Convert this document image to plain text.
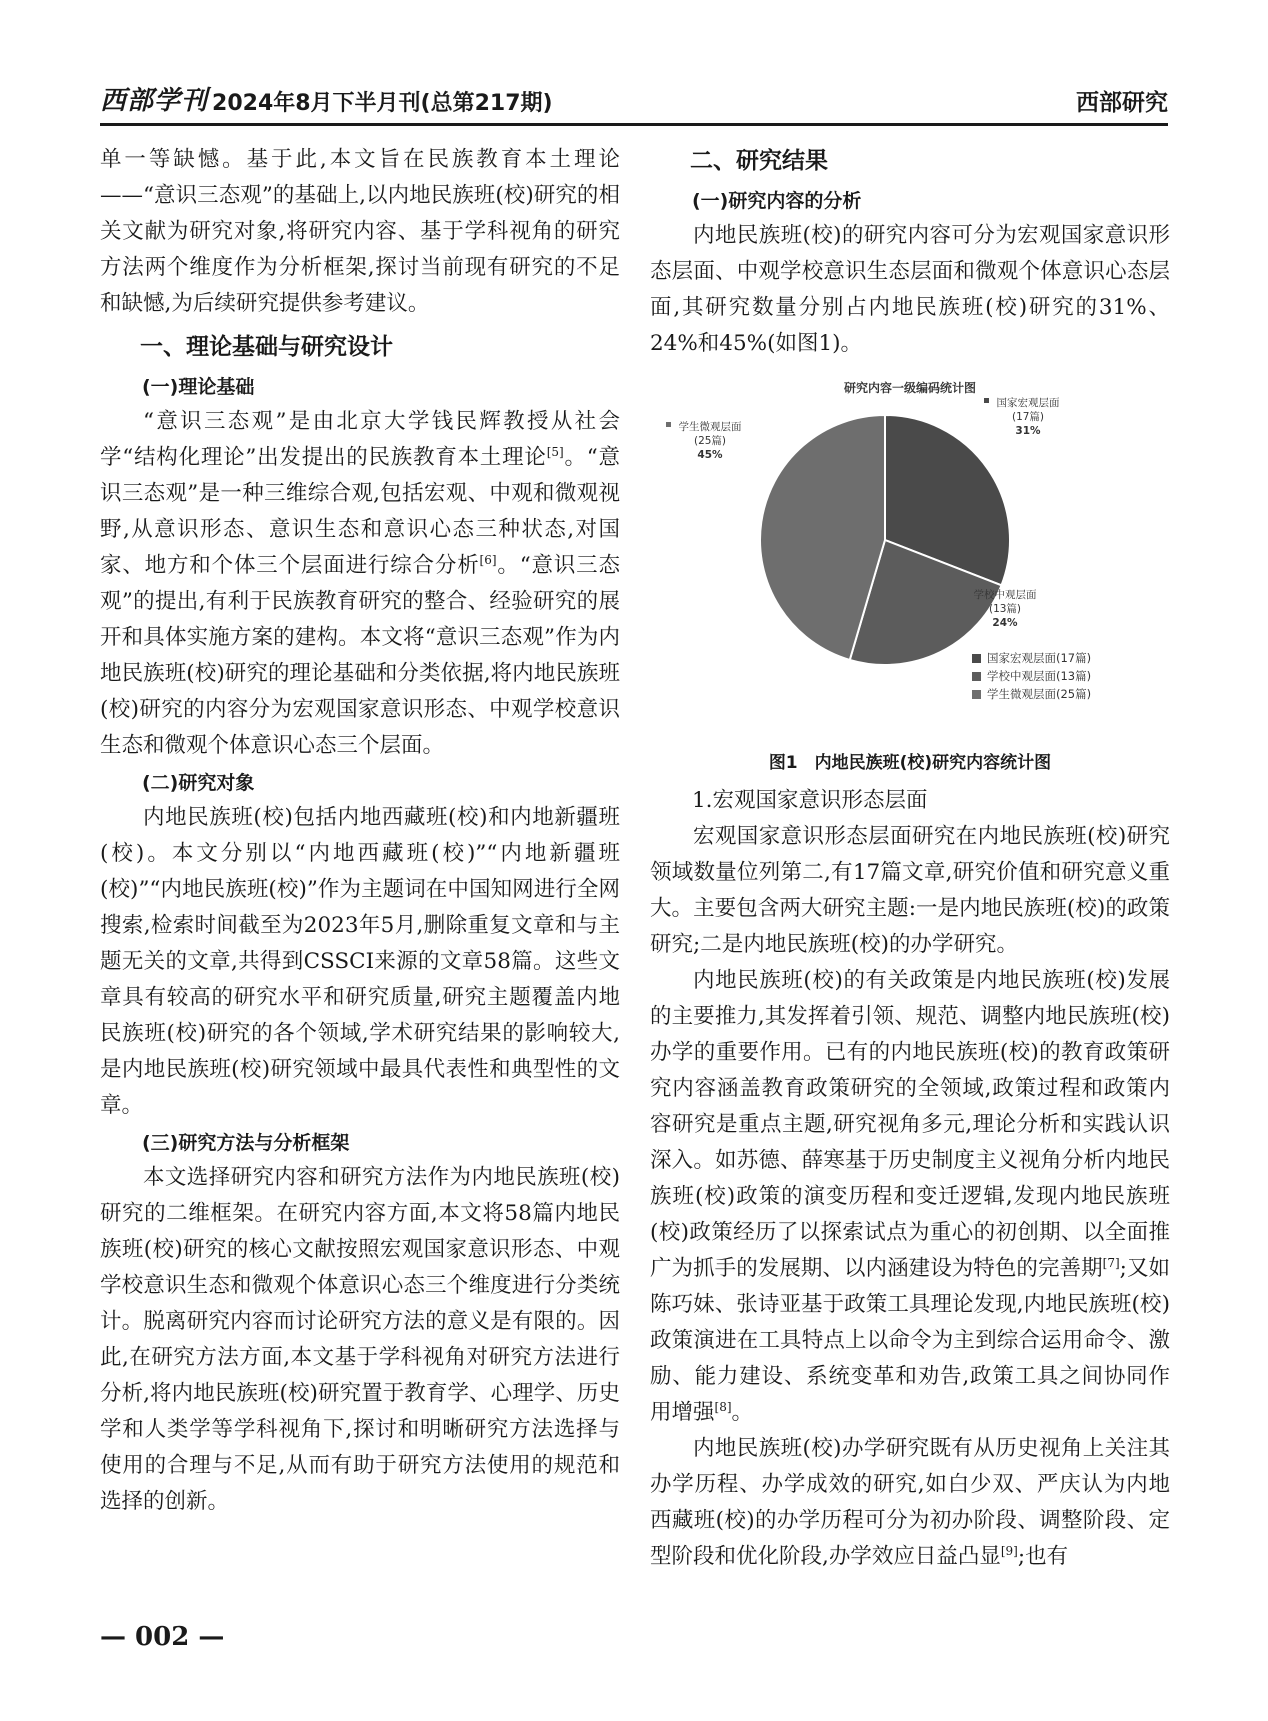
西部学刊 2024年8月下半月刊(总第217期)	西部研究

单一等缺憾。基于此,本文旨在民族教育本土理论——“意识三态观”的基础上,以内地民族班(校)研究的相关文献为研究对象,将研究内容、基于学科视角的研究方法两个维度作为分析框架,探讨当前现有研究的不足和缺憾,为后续研究提供参考建议。

一、理论基础与研究设计
(一)理论基础

“意识三态观”是由北京大学钱民辉教授从社会学“结构化理论”出发提出的民族教育本土理论[5]。“意识三态观”是一种三维综合观,包括宏观、中观和微观视野,从意识形态、意识生态和意识心态三种状态,对国家、地方和个体三个层面进行综合分析[6]。“意识三态观”的提出,有利于民族教育研究的整合、经验研究的展开和具体实施方案的建构。本文将“意识三态观”作为内地民族班(校)研究的理论基础和分类依据,将内地民族班(校)研究的内容分为宏观国家意识形态、中观学校意识生态和微观个体意识心态三个层面。

(二)研究对象

内地民族班(校)包括内地西藏班(校)和内地新疆班(校)。本文分别以“内地西藏班(校)”“内地新疆班(校)”“内地民族班(校)”作为主题词在中国知网进行全网搜索,检索时间截至为2023年5月,删除重复文章和与主题无关的文章,共得到CSSCI来源的文章58篇。这些文章具有较高的研究水平和研究质量,研究主题覆盖内地民族班(校)研究的各个领域,学术研究结果的影响较大,是内地民族班(校)研究领域中最具代表性和典型性的文章。

(三)研究方法与分析框架

本文选择研究内容和研究方法作为内地民族班(校)研究的二维框架。在研究内容方面,本文将58篇内地民族班(校)研究的核心文献按照宏观国家意识形态、中观学校意识生态和微观个体意识心态三个维度进行分类统计。脱离研究内容而讨论研究方法的意义是有限的。因此,在研究方法方面,本文基于学科视角对研究方法进行分析,将内地民族班(校)研究置于教育学、心理学、历史学和人类学等学科视角下,探讨和明晰研究方法选择与使用的合理与不足,从而有助于研究方法使用的规范和选择的创新。

二、研究结果
(一)研究内容的分析

内地民族班(校)的研究内容可分为宏观国家意识形态层面、中观学校意识生态层面和微观个体意识心态层面,其研究数量分别占内地民族班(校)研究的31%、24%和45%(如图1)。

研究内容一级编码统计图
国家宏观层面
(17篇)
31%
学校中观层面
(13篇)
24%
学生微观层面
(25篇)
45%
国家宏观层面(17篇)
学校中观层面(13篇)
学生微观层面(25篇)
图1　内地民族班(校)研究内容统计图

1.宏观国家意识形态层面

宏观国家意识形态层面研究在内地民族班(校)研究领域数量位列第二,有17篇文章,研究价值和研究意义重大。主要包含两大研究主题:一是内地民族班(校)的政策研究;二是内地民族班(校)的办学研究。

内地民族班(校)的有关政策是内地民族班(校)发展的主要推力,其发挥着引领、规范、调整内地民族班(校)办学的重要作用。已有的内地民族班(校)的教育政策研究内容涵盖教育政策研究的全领域,政策过程和政策内容研究是重点主题,研究视角多元,理论分析和实践认识深入。如苏德、薛寒基于历史制度主义视角分析内地民族班(校)政策的演变历程和变迁逻辑,发现内地民族班(校)政策经历了以探索试点为重心的初创期、以全面推广为抓手的发展期、以内涵建设为特色的完善期[7];又如陈巧妹、张诗亚基于政策工具理论发现,内地民族班(校)政策演进在工具特点上以命令为主到综合运用命令、激励、能力建设、系统变革和劝告,政策工具之间协同作用增强[8]。

内地民族班(校)办学研究既有从历史视角上关注其办学历程、办学成效的研究,如白少双、严庆认为内地西藏班(校)的办学历程可分为初办阶段、调整阶段、定型阶段和优化阶段,办学效应日益凸显[9];也有

— 002 —
